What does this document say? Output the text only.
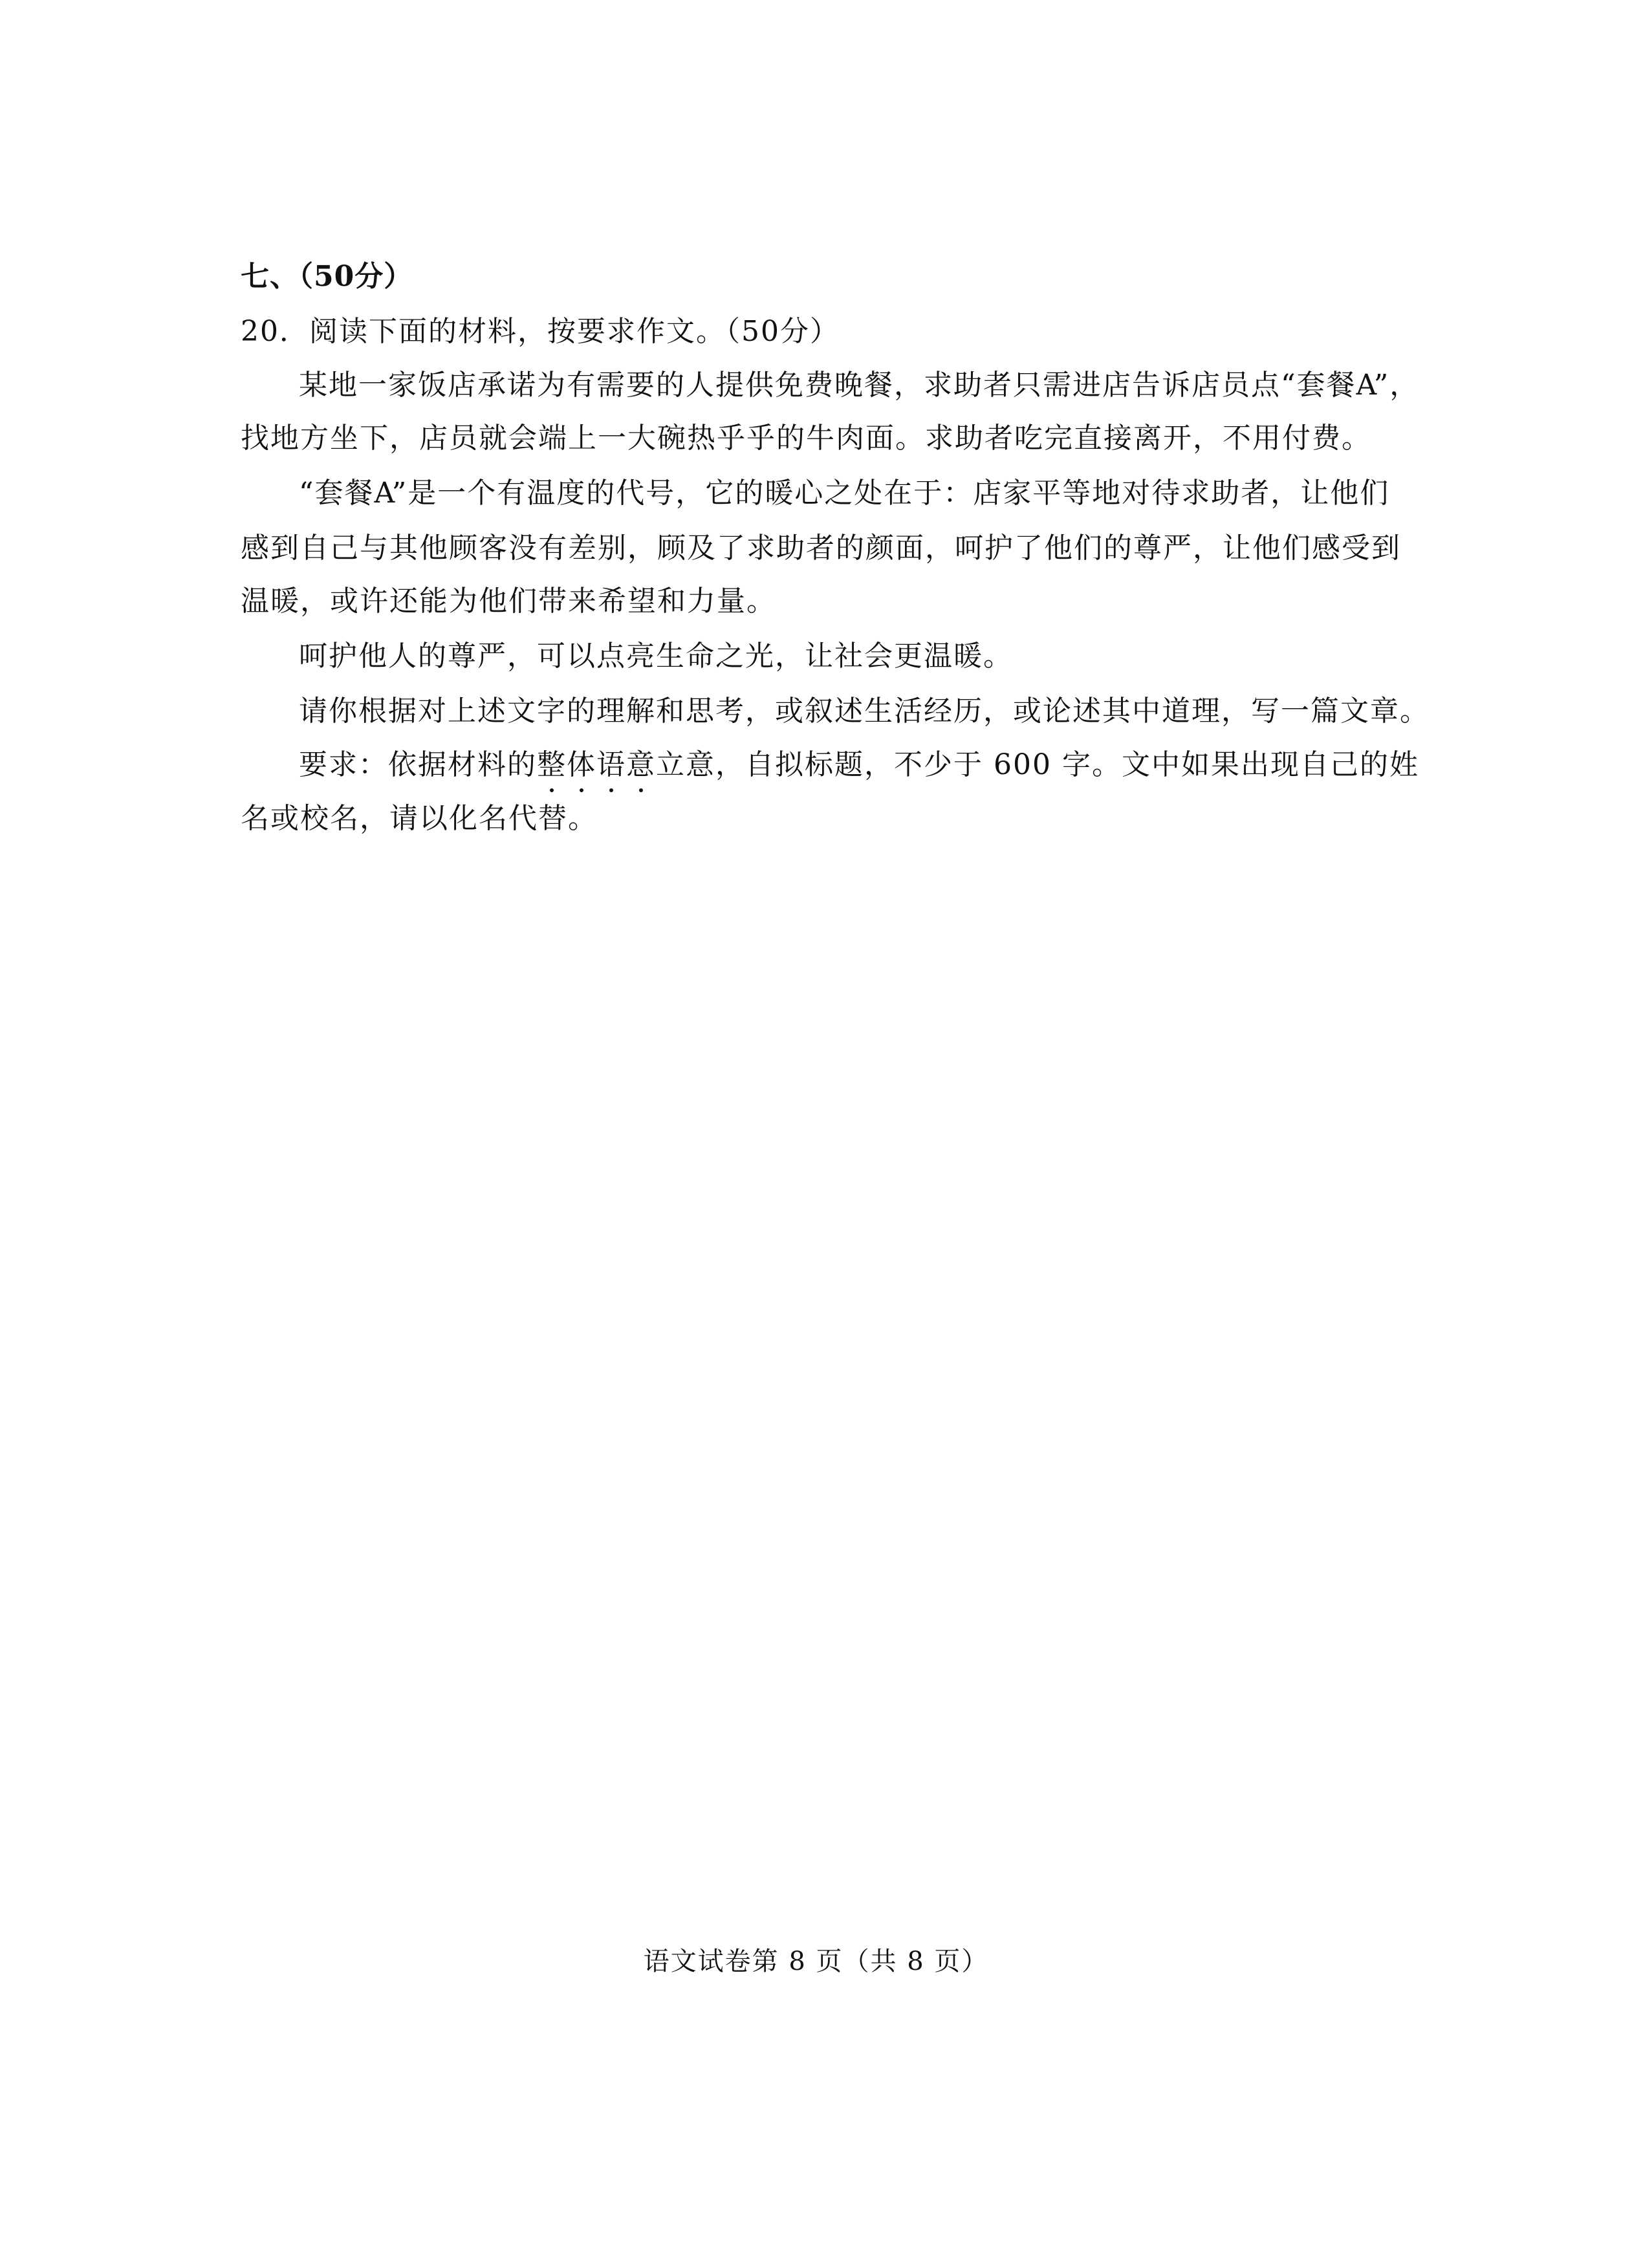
七、（50分）
20．阅读下面的材料，按要求作文。（50分）
某地一家饭店承诺为有需要的人提供免费晚餐，求助者只需进店告诉店员点“套餐A”，
找地方坐下，店员就会端上一大碗热乎乎的牛肉面。求助者吃完直接离开，不用付费。
“套餐A”是一个有温度的代号，它的暖心之处在于：店家平等地对待求助者，让他们
感到自己与其他顾客没有差别，顾及了求助者的颜面，呵护了他们的尊严，让他们感受到
温暖，或许还能为他们带来希望和力量。
呵护他人的尊严，可以点亮生命之光，让社会更温暖。
请你根据对上述文字的理解和思考，或叙述生活经历，或论述其中道理，写一篇文章。
要求：依据材料的整体语意立意，自拟标题，不少于 600 字。文中如果出现自己的姓
名或校名，请以化名代替。
语文试卷第 8 页（共 8 页）
